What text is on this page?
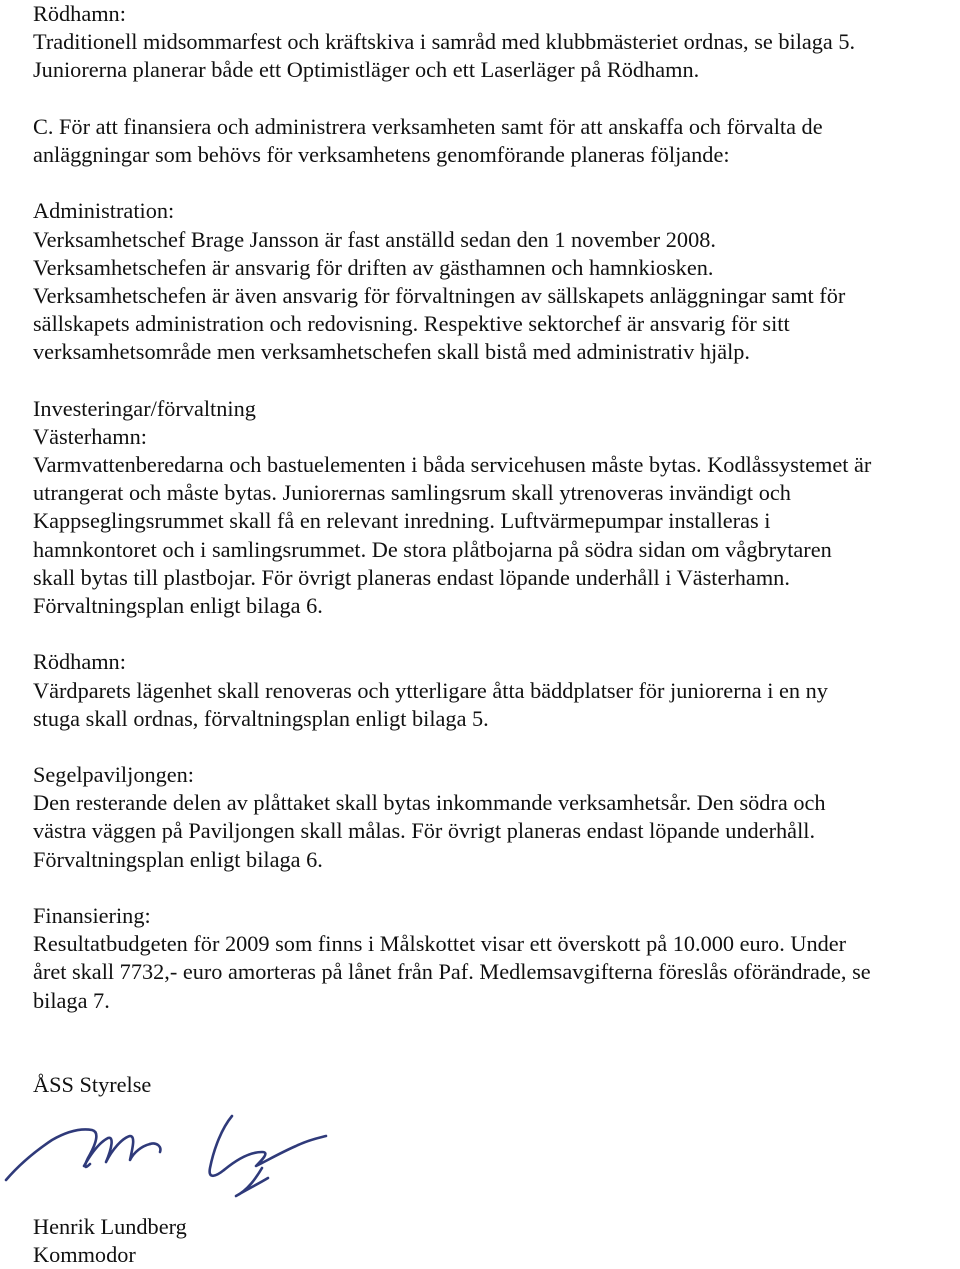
Rödhamn:
Traditionell midsommarfest och kräftskiva i samråd med klubbmästeriet ordnas, se bilaga 5.
Juniorerna planerar både ett Optimistläger och ett Laserläger på Rödhamn.
C. För att finansiera och administrera verksamheten samt för att anskaffa och förvalta de
anläggningar som behövs för verksamhetens genomförande planeras följande:
Administration:
Verksamhetschef Brage Jansson är fast anställd sedan den 1 november 2008.
Verksamhetschefen är ansvarig för driften av gästhamnen och hamnkiosken.
Verksamhetschefen är även ansvarig för förvaltningen av sällskapets anläggningar samt för
sällskapets administration och redovisning. Respektive sektorchef är ansvarig för sitt
verksamhetsområde men verksamhetschefen skall bistå med administrativ hjälp.
Investeringar/förvaltning
Västerhamn:
Varmvattenberedarna och bastuelementen i båda servicehusen måste bytas. Kodlåssystemet är
utrangerat och måste bytas. Juniorernas samlingsrum skall ytrenoveras invändigt och
Kappseglingsrummet skall få en relevant inredning. Luftvärmepumpar installeras i
hamnkontoret och i samlingsrummet. De stora plåtbojarna på södra sidan om vågbrytaren
skall bytas till plastbojar. För övrigt planeras endast löpande underhåll i Västerhamn.
Förvaltningsplan enligt bilaga 6.
Rödhamn:
Värdparets lägenhet skall renoveras och ytterligare åtta bäddplatser för juniorerna i en ny
stuga skall ordnas, förvaltningsplan enligt bilaga 5.
Segelpaviljongen:
Den resterande delen av plåttaket skall bytas inkommande verksamhetsår. Den södra och
västra väggen på Paviljongen skall målas. För övrigt planeras endast löpande underhåll.
Förvaltningsplan enligt bilaga 6.
Finansiering:
Resultatbudgeten för 2009 som finns i Målskottet visar ett överskott på 10.000 euro. Under
året skall 7732,- euro amorteras på lånet från Paf. Medlemsavgifterna föreslås oförändrade, se
bilaga 7.
ÅSS Styrelse
Henrik Lundberg
Kommodor
